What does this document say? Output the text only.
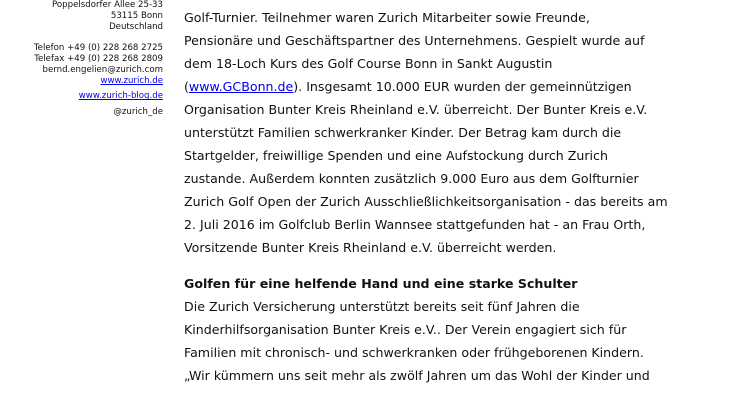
Poppelsdorfer Allee 25-33
53115 Bonn
Deutschland
Telefon +49 (0) 228 268 2725
Telefax +49 (0) 228 268 2809
bernd.engelien@zurich.com
www.zurich.de
www.zurich-blog.de
@zurich_de

Golf-Turnier. Teilnehmer waren Zurich Mitarbeiter sowie Freunde,
Pensionäre und Geschäftspartner des Unternehmens. Gespielt wurde auf
dem 18-Loch Kurs des Golf Course Bonn in Sankt Augustin
(www.GCBonn.de). Insgesamt 10.000 EUR wurden der gemeinnützigen
Organisation Bunter Kreis Rheinland e.V. überreicht. Der Bunter Kreis e.V.
unterstützt Familien schwerkranker Kinder. Der Betrag kam durch die
Startgelder, freiwillige Spenden und eine Aufstockung durch Zurich
zustande. Außerdem konnten zusätzlich 9.000 Euro aus dem Golfturnier
Zurich Golf Open der Zurich Ausschließlichkeitsorganisation - das bereits am
2. Juli 2016 im Golfclub Berlin Wannsee stattgefunden hat - an Frau Orth,
Vorsitzende Bunter Kreis Rheinland e.V. überreicht werden.

Golfen für eine helfende Hand und eine starke Schulter

Die Zurich Versicherung unterstützt bereits seit fünf Jahren die
Kinderhilfsorganisation Bunter Kreis e.V.. Der Verein engagiert sich für
Familien mit chronisch- und schwerkranken oder frühgeborenen Kindern.
„Wir kümmern uns seit mehr als zwölf Jahren um das Wohl der Kinder und
